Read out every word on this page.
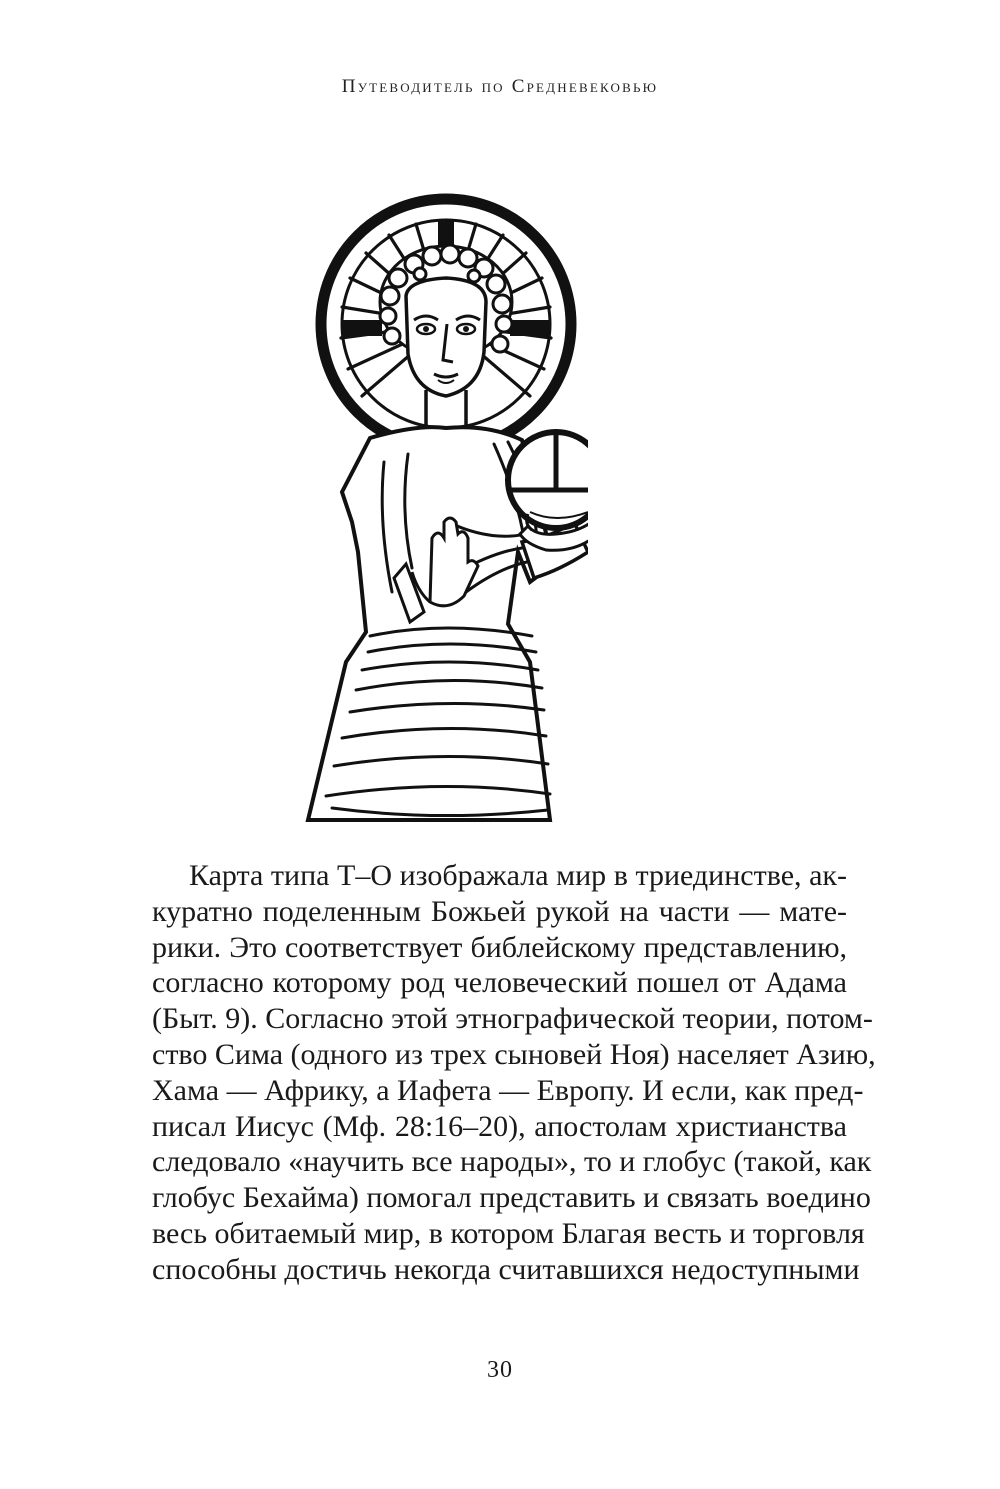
Путеводитель по Средневековью
Карта типа Т–О изображала мир в триединстве, ак-
куратно поделенным Божьей рукой на части — мате-
рики. Это соответствует библейскому представлению,
согласно которому род человеческий пошел от Адама
(Быт. 9). Согласно этой этнографической теории, потом-
ство Сима (одного из трех сыновей Ноя) населяет Азию,
Хама — Африку, а Иафета — Европу. И если, как пред-
писал Иисус (Мф. 28:16–20), апостолам христианства
следовало «научить все народы», то и глобус (такой, как
глобус Бехайма) помогал представить и связать воедино
весь обитаемый мир, в котором Благая весть и торговля
способны достичь некогда считавшихся недоступными
30
